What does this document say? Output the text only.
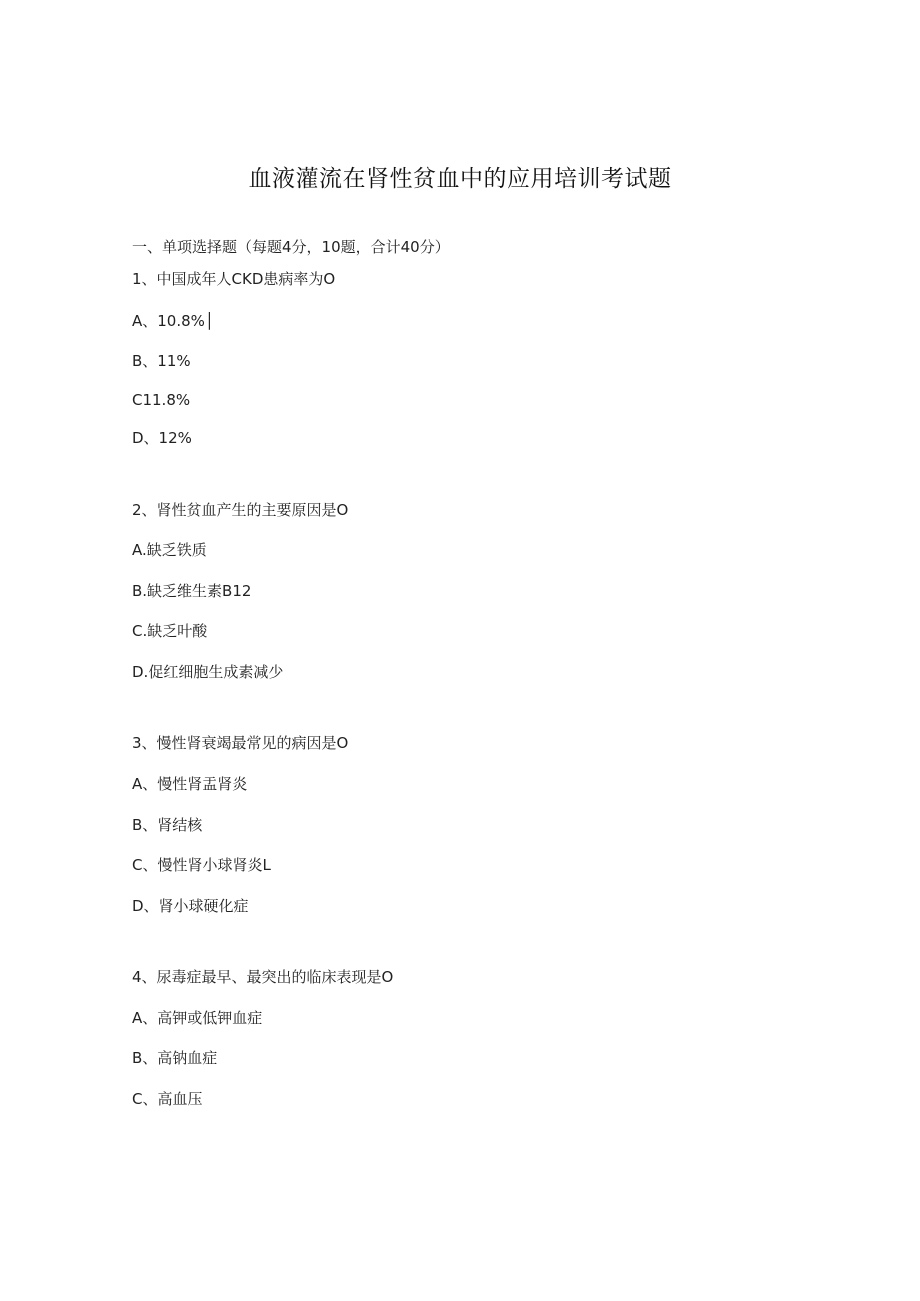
血液灌流在肾性贫血中的应用培训考试题
一、单项选择题（每题4分，10题，合计40分）
1、中国成年人CKD患病率为O
A、10.8%│
B、11%
C11.8%
D、12%
2、肾性贫血产生的主要原因是O
A.缺乏铁质
B.缺乏维生素B12
C.缺乏叶酸
D.促红细胞生成素减少
3、慢性肾衰竭最常见的病因是O
A、慢性肾盂肾炎
B、肾结核
C、慢性肾小球肾炎L
D、肾小球硬化症
4、尿毒症最早、最突出的临床表现是O
A、高钾或低钾血症
B、高钠血症
C、高血压
